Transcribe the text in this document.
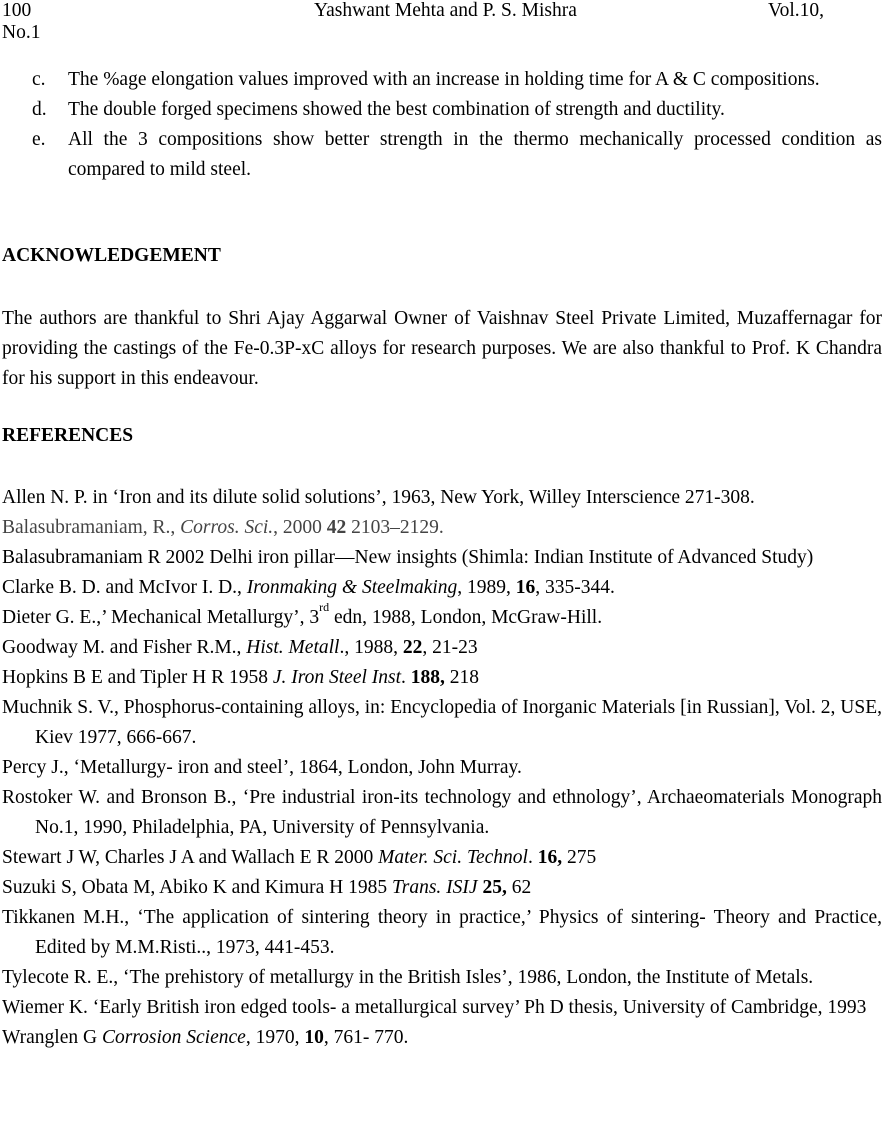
100	Yashwant Mehta and P. S. Mishra	Vol.10,
No.1
c. The %age elongation values improved with an increase in holding time for A & C compositions.
d. The double forged specimens showed the best combination of strength and ductility.
e. All the 3 compositions show better strength in the thermo mechanically processed condition as compared to mild steel.
ACKNOWLEDGEMENT
The authors are thankful to Shri Ajay Aggarwal Owner of Vaishnav Steel Private Limited, Muzaffernagar for providing the castings of the Fe-0.3P-xC alloys for research purposes. We are also thankful to Prof. K Chandra for his support in this endeavour.
REFERENCES
Allen N. P. in ‘Iron and its dilute solid solutions’, 1963, New York, Willey Interscience 271-308.
Balasubramaniam, R., Corros. Sci., 2000 42 2103–2129.
Balasubramaniam R 2002 Delhi iron pillar—New insights (Shimla: Indian Institute of Advanced Study)
Clarke B. D. and McIvor I. D., Ironmaking & Steelmaking, 1989, 16, 335-344.
Dieter G. E.,’ Mechanical Metallurgy’, 3rd edn, 1988, London, McGraw-Hill.
Goodway M. and Fisher R.M., Hist. Metall., 1988, 22, 21-23
Hopkins B E and Tipler H R 1958 J. Iron Steel Inst. 188, 218
Muchnik S. V., Phosphorus-containing alloys, in: Encyclopedia of Inorganic Materials [in Russian], Vol. 2, USE, Kiev 1977, 666-667.
Percy J., ‘Metallurgy- iron and steel’, 1864, London, John Murray.
Rostoker W. and Bronson B., ‘Pre industrial iron-its technology and ethnology’, Archaeomaterials Monograph No.1, 1990, Philadelphia, PA, University of Pennsylvania.
Stewart J W, Charles J A and Wallach E R 2000 Mater. Sci. Technol. 16, 275
Suzuki S, Obata M, Abiko K and Kimura H 1985 Trans. ISIJ 25, 62
Tikkanen M.H., ‘The application of sintering theory in practice,’ Physics of sintering- Theory and Practice, Edited by M.M.Risti.., 1973, 441-453.
Tylecote R. E., ‘The prehistory of metallurgy in the British Isles’, 1986, London, the Institute of Metals.
Wiemer K. ‘Early British iron edged tools- a metallurgical survey’ Ph D thesis, University of Cambridge, 1993
Wranglen G Corrosion Science, 1970, 10, 761- 770.
